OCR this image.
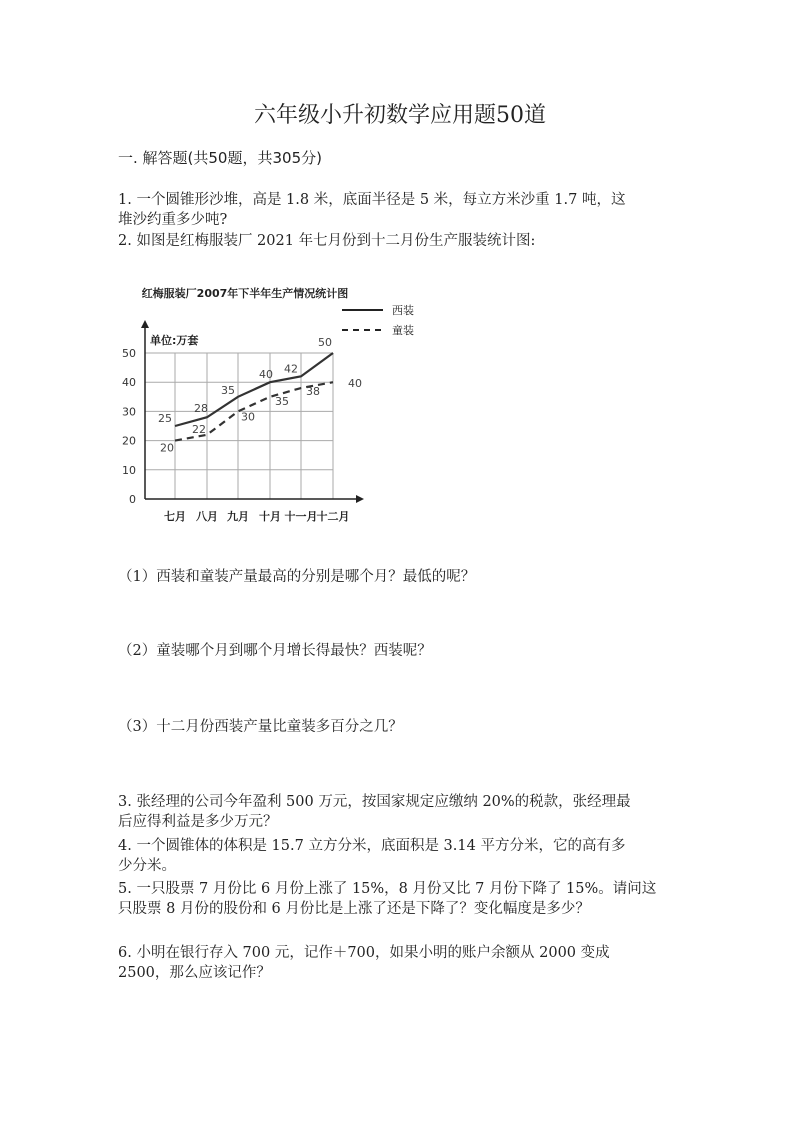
六年级小升初数学应用题50道
一. 解答题(共50题，共305分)
1. 一个圆锥形沙堆，高是 1.8 米，底面半径是 5 米，每立方米沙重 1.7 吨，这
堆沙约重多少吨?
2. 如图是红梅服装厂 2021 年七月份到十二月份生产服装统计图:
红梅服装厂2007年下半年生产情况统计图
单位:万套
0
10
20
30
40
50
七月 八月 九月 十月 十一月 十二月
25
28
35
40 42
50
西装
20
22
30
35
38
40
童装
（1）西装和童装产量最高的分别是哪个月？最低的呢？
（2）童装哪个月到哪个月增长得最快？西装呢？
（3）十二月份西装产量比童装多百分之几？
3. 张经理的公司今年盈利 500 万元，按国家规定应缴纳 20%的税款，张经理最
后应得利益是多少万元？
4. 一个圆锥体的体积是 15.7 立方分米，底面积是 3.14 平方分米，它的高有多
少分米。
5. 一只股票 7 月份比 6 月份上涨了 15%，8 月份又比 7 月份下降了 15%。请问这
只股票 8 月份的股份和 6 月份比是上涨了还是下降了？变化幅度是多少？
6. 小明在银行存入 700 元，记作＋700，如果小明的账户余额从 2000 变成
2500，那么应该记作？
